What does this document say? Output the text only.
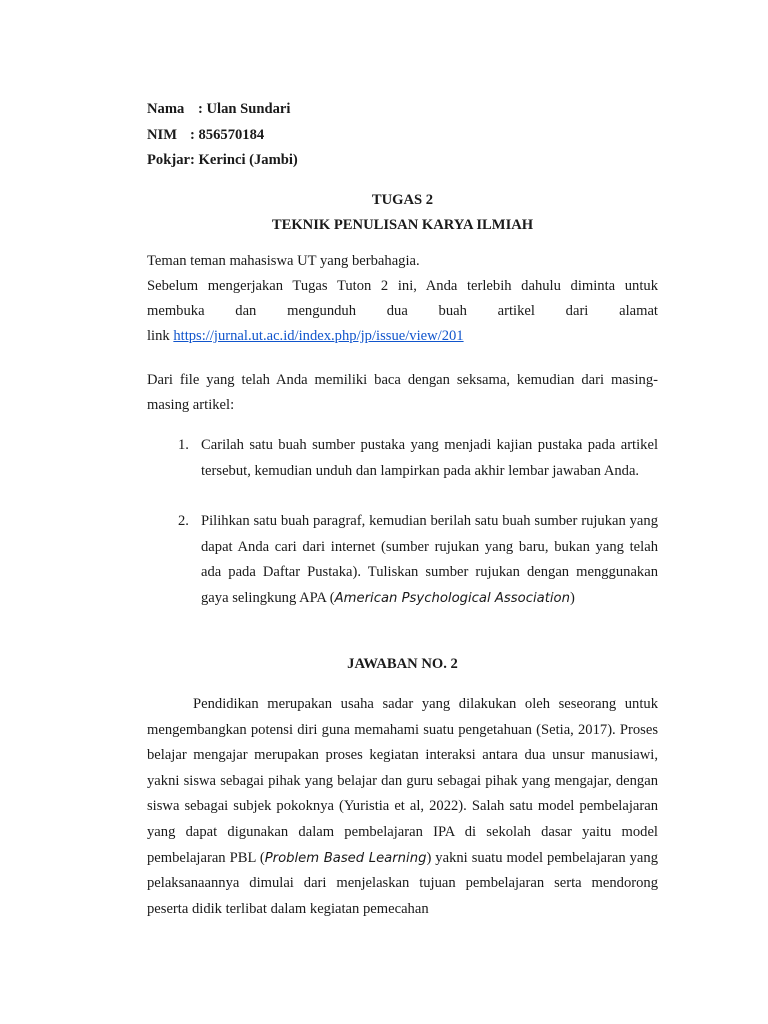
Nama : Ulan Sundari
NIM : 856570184
Pokjar: Kerinci (Jambi)
TUGAS 2
TEKNIK PENULISAN KARYA ILMIAH
Teman teman mahasiswa UT yang berbahagia.
Sebelum mengerjakan Tugas Tuton 2 ini, Anda terlebih dahulu diminta untuk
membuka dan mengunduh dua buah artikel dari alamat
link https://jurnal.ut.ac.id/index.php/jp/issue/view/201
Dari file yang telah Anda memiliki baca dengan seksama, kemudian dari masing-
masing artikel:
1. Carilah satu buah sumber pustaka yang menjadi kajian pustaka pada artikel tersebut, kemudian unduh dan lampirkan pada akhir lembar jawaban Anda.
2. Pilihkan satu buah paragraf, kemudian berilah satu buah sumber rujukan yang dapat Anda cari dari internet (sumber rujukan yang baru, bukan yang telah ada pada Daftar Pustaka). Tuliskan sumber rujukan dengan menggunakan gaya selingkung APA (American Psychological Association)
JAWABAN NO. 2
Pendidikan merupakan usaha sadar yang dilakukan oleh seseorang untuk mengembangkan potensi diri guna memahami suatu pengetahuan (Setia, 2017). Proses belajar mengajar merupakan proses kegiatan interaksi antara dua unsur manusiawi, yakni siswa sebagai pihak yang belajar dan guru sebagai pihak yang mengajar, dengan siswa sebagai subjek pokoknya (Yuristia et al, 2022). Salah satu model pembelajaran yang dapat digunakan dalam pembelajaran IPA di sekolah dasar yaitu model pembelajaran PBL (Problem Based Learning) yakni suatu model pembelajaran yang pelaksanaannya dimulai dari menjelaskan tujuan pembelajaran serta mendorong peserta didik terlibat dalam kegiatan pemecahan
